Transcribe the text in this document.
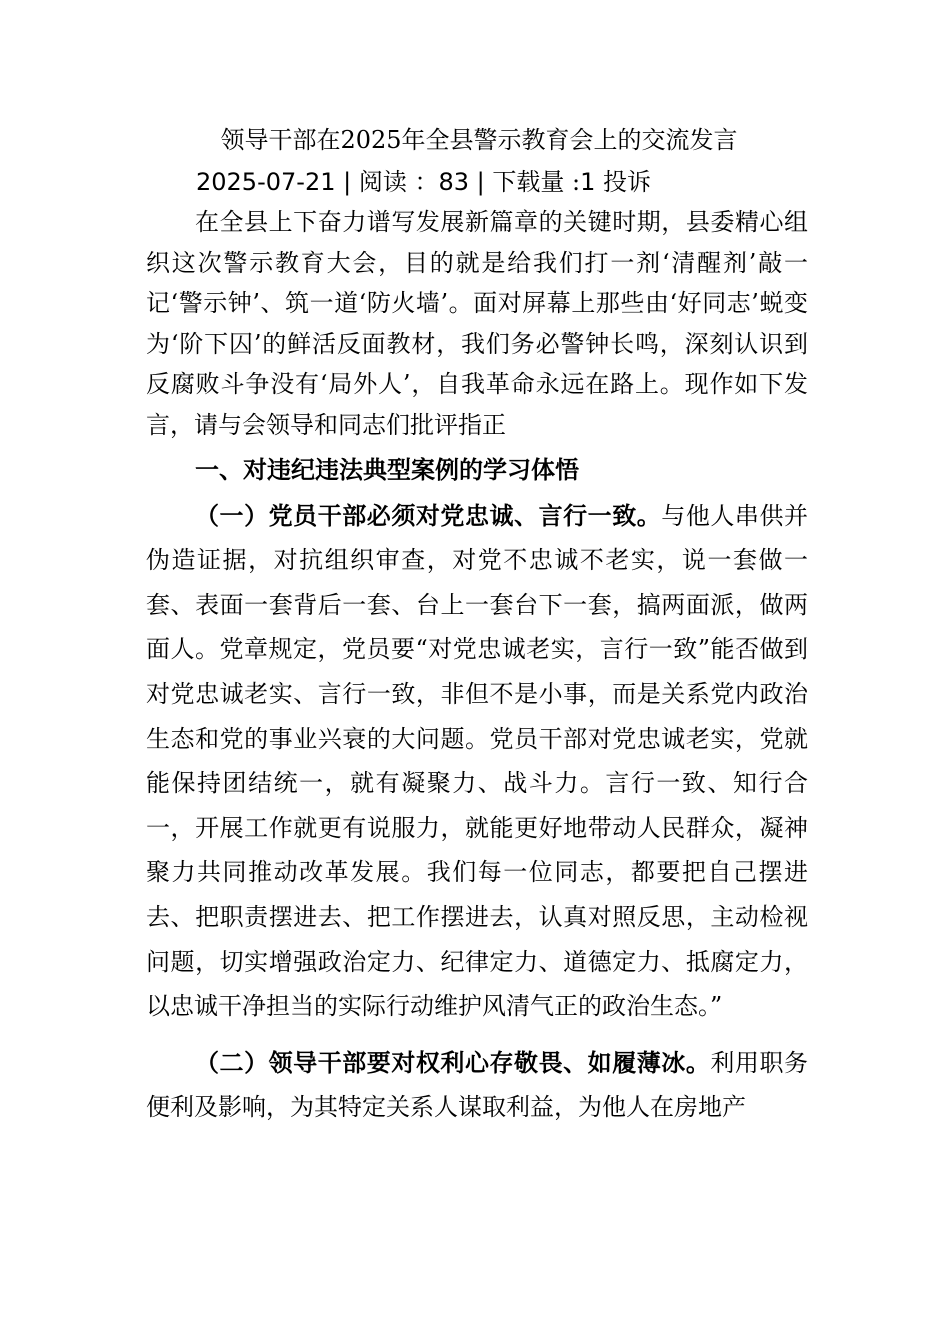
领导干部在2025年全县警示教育会上的交流发言
2025-07-21 | 阅读 ：83 | 下载量 :1 投诉

在全县上下奋力谱写发展新篇章的关键时期，县委精心组织这次警示教育大会，目的就是给我们打一剂‘清醒剂’敲一记‘警示钟’、筑一道‘防火墙’。面对屏幕上那些由‘好同志’蜕变为‘阶下囚’的鲜活反面教材，我们务必警钟长鸣，深刻认识到反腐败斗争没有‘局外人’，自我革命永远在路上。现作如下发言，请与会领导和同志们批评指正

一、对违纪违法典型案例的学习体悟

（一）党员干部必须对党忠诚、言行一致。与他人串供并伪造证据，对抗组织审查，对党不忠诚不老实，说一套做一套、表面一套背后一套、台上一套台下一套，搞两面派，做两面人。党章规定，党员要“对党忠诚老实，言行一致”能否做到对党忠诚老实、言行一致，非但不是小事，而是关系党内政治生态和党的事业兴衰的大问题。党员干部对党忠诚老实，党就能保持团结统一，就有凝聚力、战斗力。言行一致、知行合一，开展工作就更有说服力，就能更好地带动人民群众，凝神聚力共同推动改革发展。我们每一位同志，都要把自己摆进去、把职责摆进去、把工作摆进去，认真对照反思，主动检视问题，切实增强政治定力、纪律定力、道德定力、抵腐定力，以忠诚干净担当的实际行动维护风清气正的政治生态。”

（二）领导干部要对权利心存敬畏、如履薄冰。利用职务便利及影响，为其特定关系人谋取利益，为他人在房地产
